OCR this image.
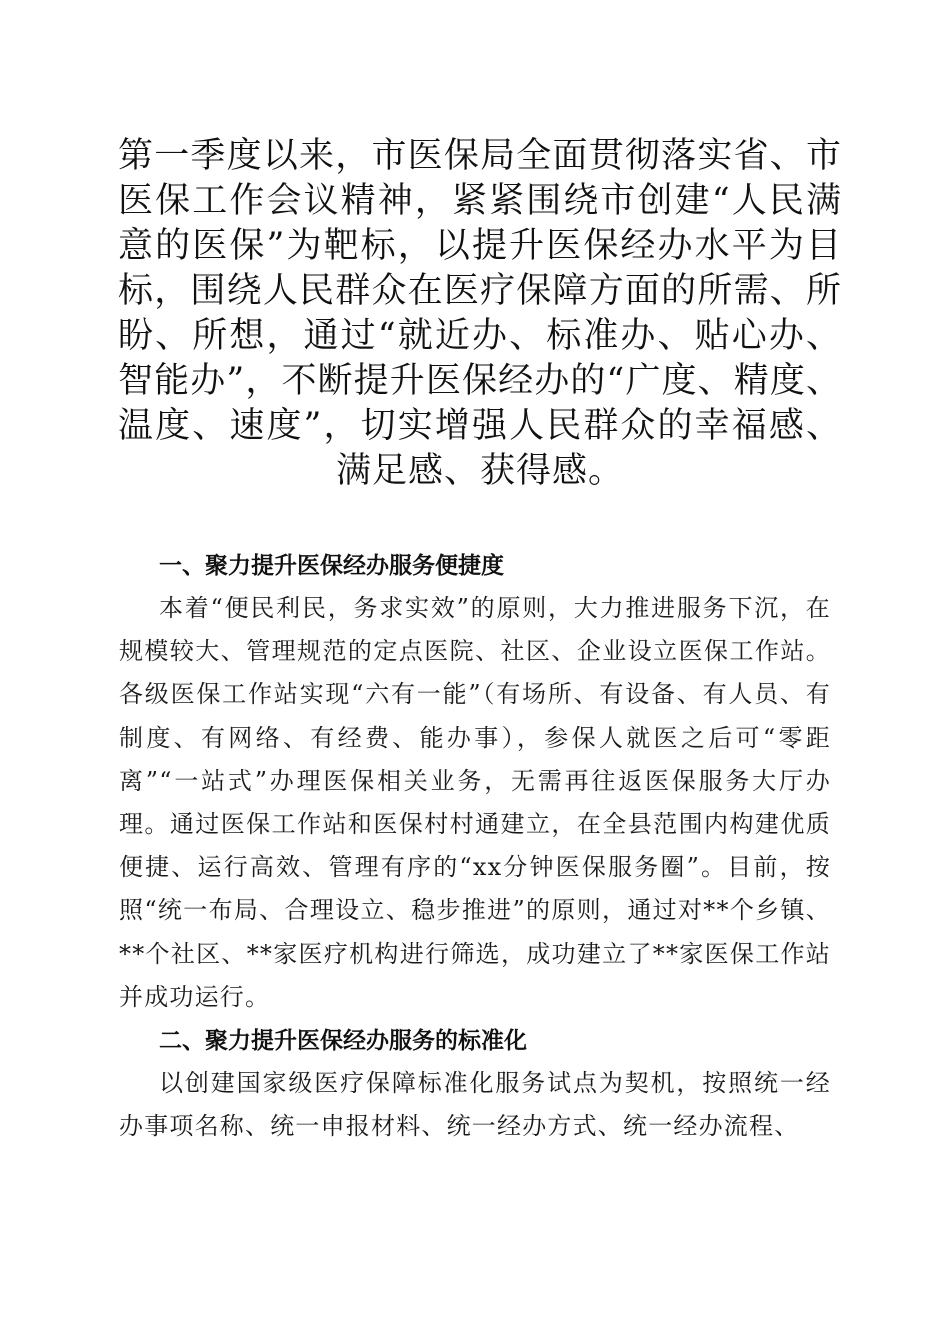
第一季度以来，市医保局全面贯彻落实省、市医保工作会议精神，紧紧围绕市创建“人民满意的医保”为靶标，以提升医保经办水平为目标，围绕人民群众在医疗保障方面的所需、所盼、所想，通过“就近办、标准办、贴心办、智能办”，不断提升医保经办的“广度、精度、温度、速度”，切实增强人民群众的幸福感、满足感、获得感。
一、聚力提升医保经办服务便捷度

本着“便民利民，务求实效”的原则，大力推进服务下沉，在规模较大、管理规范的定点医院、社区、企业设立医保工作站。各级医保工作站实现“六有一能”（有场所、有设备、有人员、有制度、有网络、有经费、能办事），参保人就医之后可“零距离”“一站式”办理医保相关业务，无需再往返医保服务大厅办理。通过医保工作站和医保村村通建立，在全县范围内构建优质便捷、运行高效、管理有序的“xx分钟医保服务圈”。目前，按照“统一布局、合理设立、稳步推进”的原则，通过对**个乡镇、**个社区、**家医疗机构进行筛选，成功建立了**家医保工作站并成功运行。

二、聚力提升医保经办服务的标准化

以创建国家级医疗保障标准化服务试点为契机，按照统一经办事项名称、统一申报材料、统一经办方式、统一经办流程、
